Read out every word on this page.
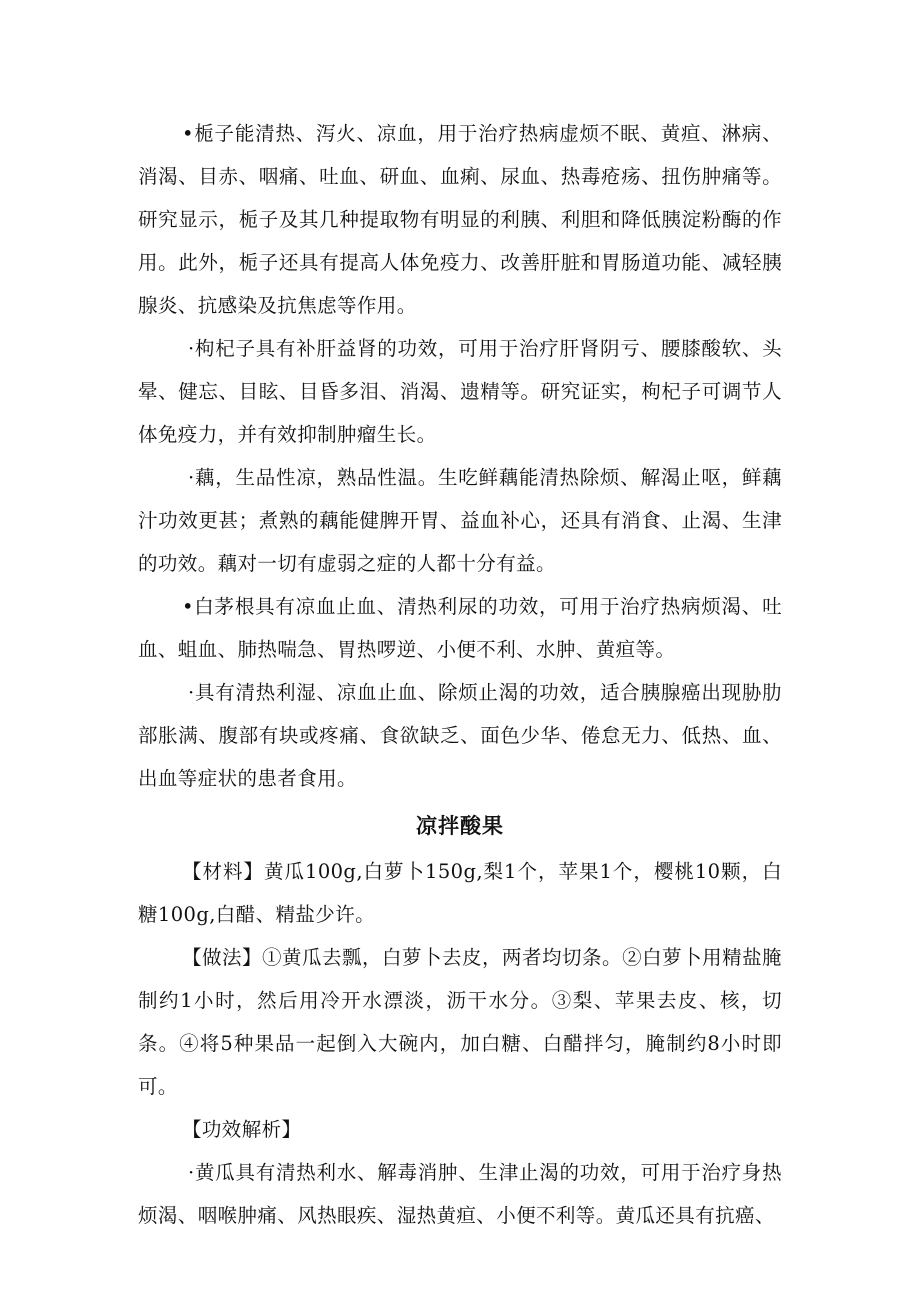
•栀子能清热、泻火、凉血，用于治疗热病虚烦不眠、黄疸、淋病、消渴、目赤、咽痛、吐血、研血、血痢、尿血、热毒疮疡、扭伤肿痛等。研究显示，栀子及其几种提取物有明显的利胰、利胆和降低胰淀粉酶的作用。此外，栀子还具有提高人体免疫力、改善肝脏和胃肠道功能、减轻胰腺炎、抗感染及抗焦虑等作用。

·枸杞子具有补肝益肾的功效，可用于治疗肝肾阴亏、腰膝酸软、头晕、健忘、目眩、目昏多泪、消渴、遗精等。研究证实，枸杞子可调节人体免疫力，并有效抑制肿瘤生长。

·藕，生品性凉，熟品性温。生吃鲜藕能清热除烦、解渴止呕，鲜藕汁功效更甚；煮熟的藕能健脾开胃、益血补心，还具有消食、止渴、生津的功效。藕对一切有虚弱之症的人都十分有益。

•白茅根具有凉血止血、清热利尿的功效，可用于治疗热病烦渴、吐血、蛆血、肺热喘急、胃热啰逆、小便不利、水肿、黄疸等。

·具有清热利湿、凉血止血、除烦止渴的功效，适合胰腺癌出现胁肋部胀满、腹部有块或疼痛、食欲缺乏、面色少华、倦怠无力、低热、血、出血等症状的患者食用。

凉拌酸果

【材料】黄瓜100g,白萝卜150g,梨1个，苹果1个，樱桃10颗，白糖100g,白醋、精盐少许。

【做法】①黄瓜去瓢，白萝卜去皮，两者均切条。②白萝卜用精盐腌制约1小时，然后用冷开水漂淡，沥干水分。③梨、苹果去皮、核，切条。④将5种果品一起倒入大碗内，加白糖、白醋拌匀，腌制约8小时即可。

【功效解析】

·黄瓜具有清热利水、解毒消肿、生津止渴的功效，可用于治疗身热烦渴、咽喉肿痛、风热眼疾、湿热黄疸、小便不利等。黄瓜还具有抗癌、
